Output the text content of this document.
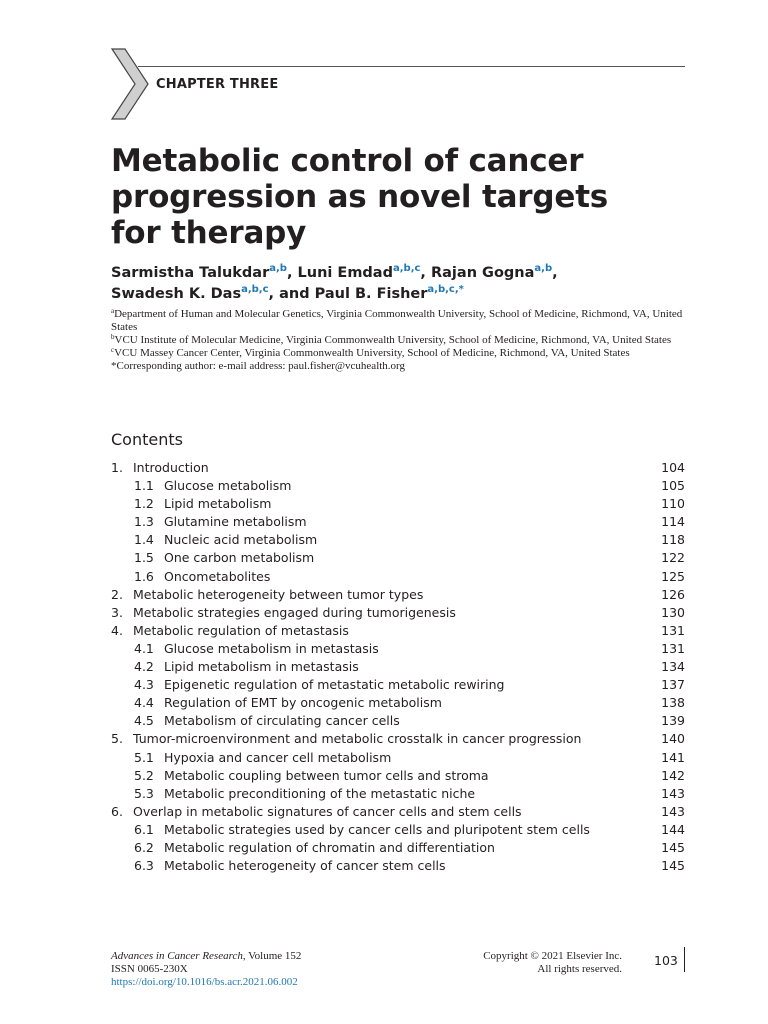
CHAPTER THREE
Metabolic control of cancer
progression as novel targets
for therapy
Sarmistha Talukdar$^{a,b}$, Luni Emdad$^{a,b,c}$, Rajan Gogna$^{a,b}$,
Swadesh K. Das$^{a,b,c}$, and Paul B. Fisher$^{a,b,c,*}$

$^a$Department of Human and Molecular Genetics, Virginia Commonwealth University, School of Medicine, Richmond, VA, United States

$^b$VCU Institute of Molecular Medicine, Virginia Commonwealth University, School of Medicine, Richmond, VA, United States

$^c$VCU Massey Cancer Center, Virginia Commonwealth University, School of Medicine, Richmond, VA, United States

*Corresponding author: e-mail address: paul.fisher@vcuhealth.org

Contents
1. Introduction	104
1.1 Glucose metabolism	105
1.2 Lipid metabolism	110
1.3 Glutamine metabolism	114
1.4 Nucleic acid metabolism	118
1.5 One carbon metabolism	122
1.6 Oncometabolites	125
2. Metabolic heterogeneity between tumor types	126
3. Metabolic strategies engaged during tumorigenesis	130
4. Metabolic regulation of metastasis	131
4.1 Glucose metabolism in metastasis	131
4.2 Lipid metabolism in metastasis	134
4.3 Epigenetic regulation of metastatic metabolic rewiring	137
4.4 Regulation of EMT by oncogenic metabolism	138
4.5 Metabolism of circulating cancer cells	139
5. Tumor-microenvironment and metabolic crosstalk in cancer progression	140
5.1 Hypoxia and cancer cell metabolism	141
5.2 Metabolic coupling between tumor cells and stroma	142
5.3 Metabolic preconditioning of the metastatic niche	143
6. Overlap in metabolic signatures of cancer cells and stem cells	143
6.1 Metabolic strategies used by cancer cells and pluripotent stem cells	144
6.2 Metabolic regulation of chromatin and differentiation	145
6.3 Metabolic heterogeneity of cancer stem cells	145
Advances in Cancer Research, Volume 152
ISSN 0065-230X
https://doi.org/10.1016/bs.acr.2021.06.002
Copyright © 2021 Elsevier Inc.
All rights reserved.
103
